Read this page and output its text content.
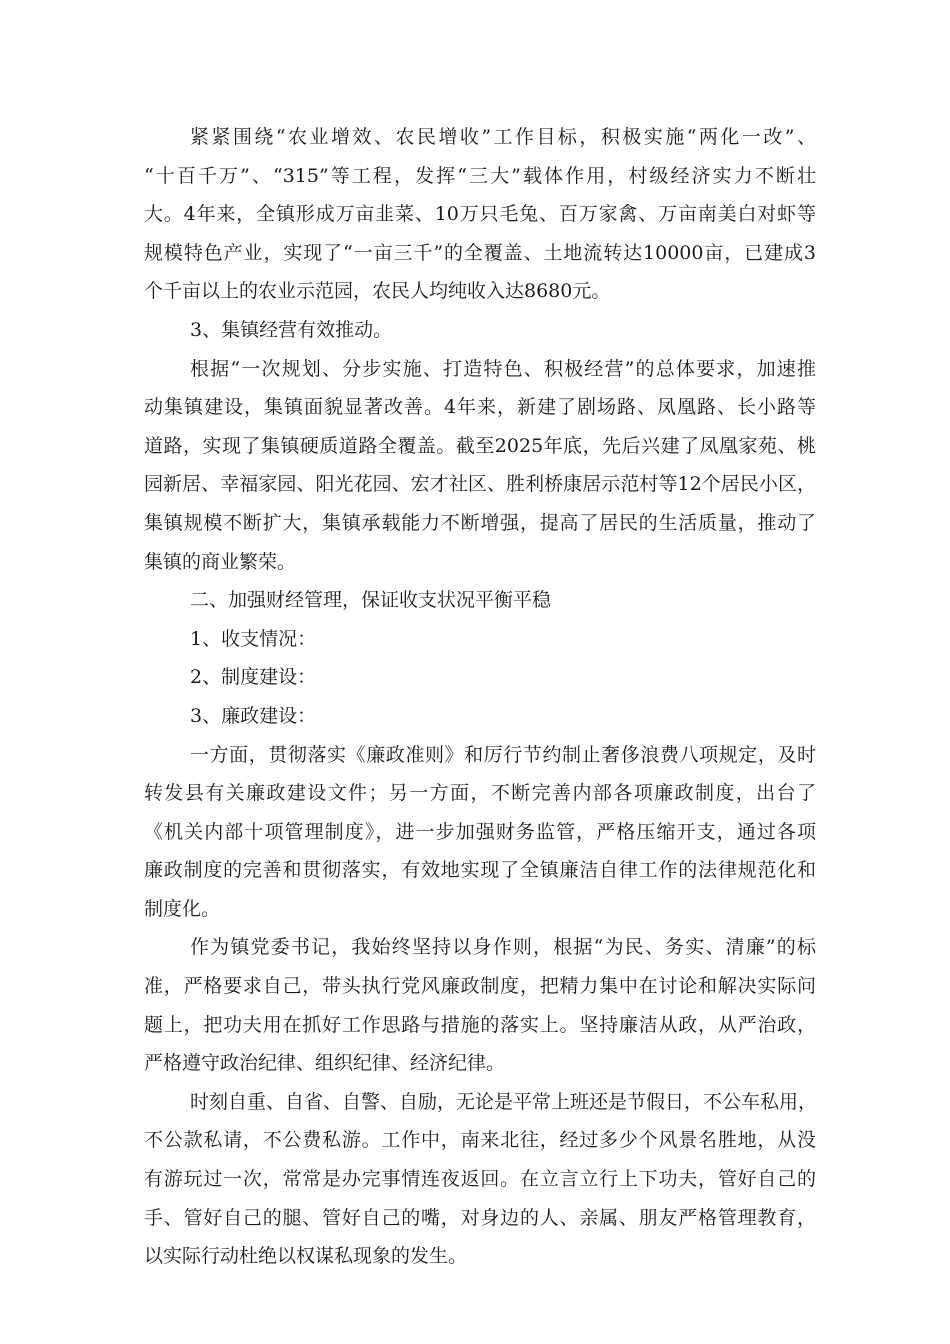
紧紧围绕“农业增效、农民增收”工作目标，积极实施“两化一改”、
“十百千万”、“315”等工程，发挥“三大”载体作用，村级经济实力不断壮
大。4年来，全镇形成万亩韭菜、10万只毛兔、百万家禽、万亩南美白对虾等
规模特色产业，实现了“一亩三千”的全覆盖、土地流转达10000亩，已建成3
个千亩以上的农业示范园，农民人均纯收入达8680元。
3、集镇经营有效推动。
根据“一次规划、分步实施、打造特色、积极经营”的总体要求，加速推
动集镇建设，集镇面貌显著改善。4年来，新建了剧场路、凤凰路、长小路等
道路，实现了集镇硬质道路全覆盖。截至2025年底，先后兴建了凤凰家苑、桃
园新居、幸福家园、阳光花园、宏才社区、胜利桥康居示范村等12个居民小区，
集镇规模不断扩大，集镇承载能力不断增强，提高了居民的生活质量，推动了
集镇的商业繁荣。
二、加强财经管理，保证收支状况平衡平稳
1、收支情况：
2、制度建设：
3、廉政建设：
一方面，贯彻落实《廉政准则》和厉行节约制止奢侈浪费八项规定，及时
转发县有关廉政建设文件；另一方面，不断完善内部各项廉政制度，出台了
《机关内部十项管理制度》，进一步加强财务监管，严格压缩开支，通过各项
廉政制度的完善和贯彻落实，有效地实现了全镇廉洁自律工作的法律规范化和
制度化。
作为镇党委书记，我始终坚持以身作则，根据“为民、务实、清廉”的标
准，严格要求自己，带头执行党风廉政制度，把精力集中在讨论和解决实际问
题上，把功夫用在抓好工作思路与措施的落实上。坚持廉洁从政，从严治政，
严格遵守政治纪律、组织纪律、经济纪律。
时刻自重、自省、自警、自励，无论是平常上班还是节假日，不公车私用，
不公款私请，不公费私游。工作中，南来北往，经过多少个风景名胜地，从没
有游玩过一次，常常是办完事情连夜返回。在立言立行上下功夫，管好自己的
手、管好自己的腿、管好自己的嘴，对身边的人、亲属、朋友严格管理教育，
以实际行动杜绝以权谋私现象的发生。
